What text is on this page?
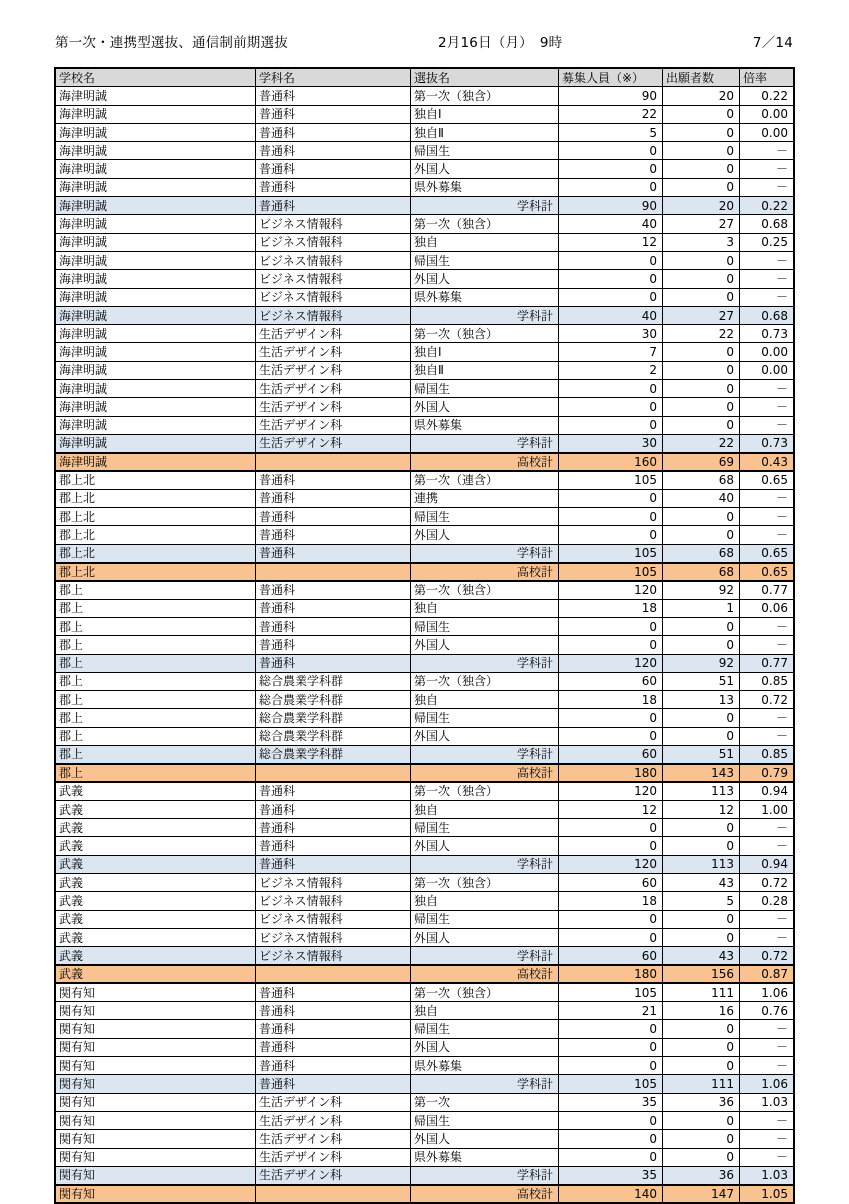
第一次・連携型選抜、通信制前期選抜	2月16日（月）　9時	7／14
学校名	学科名	選抜名	募集人員（※）	出願者数	倍率
海津明誠	普通科	第一次（独含）	90	20	0.22
海津明誠	普通科	独自Ⅰ	22	0	0.00
海津明誠	普通科	独自Ⅱ	5	0	0.00
海津明誠	普通科	帰国生	0	0	－
海津明誠	普通科	外国人	0	0	－
海津明誠	普通科	県外募集	0	0	－
海津明誠	普通科	学科計	90	20	0.22
海津明誠	ビジネス情報科	第一次（独含）	40	27	0.68
海津明誠	ビジネス情報科	独自	12	3	0.25
海津明誠	ビジネス情報科	帰国生	0	0	－
海津明誠	ビジネス情報科	外国人	0	0	－
海津明誠	ビジネス情報科	県外募集	0	0	－
海津明誠	ビジネス情報科	学科計	40	27	0.68
海津明誠	生活デザイン科	第一次（独含）	30	22	0.73
海津明誠	生活デザイン科	独自Ⅰ	7	0	0.00
海津明誠	生活デザイン科	独自Ⅱ	2	0	0.00
海津明誠	生活デザイン科	帰国生	0	0	－
海津明誠	生活デザイン科	外国人	0	0	－
海津明誠	生活デザイン科	県外募集	0	0	－
海津明誠	生活デザイン科	学科計	30	22	0.73
海津明誠		高校計	160	69	0.43
郡上北	普通科	第一次（連含）	105	68	0.65
郡上北	普通科	連携	0	40	－
郡上北	普通科	帰国生	0	0	－
郡上北	普通科	外国人	0	0	－
郡上北	普通科	学科計	105	68	0.65
郡上北		高校計	105	68	0.65
郡上	普通科	第一次（独含）	120	92	0.77
郡上	普通科	独自	18	1	0.06
郡上	普通科	帰国生	0	0	－
郡上	普通科	外国人	0	0	－
郡上	普通科	学科計	120	92	0.77
郡上	総合農業学科群	第一次（独含）	60	51	0.85
郡上	総合農業学科群	独自	18	13	0.72
郡上	総合農業学科群	帰国生	0	0	－
郡上	総合農業学科群	外国人	0	0	－
郡上	総合農業学科群	学科計	60	51	0.85
郡上		高校計	180	143	0.79
武義	普通科	第一次（独含）	120	113	0.94
武義	普通科	独自	12	12	1.00
武義	普通科	帰国生	0	0	－
武義	普通科	外国人	0	0	－
武義	普通科	学科計	120	113	0.94
武義	ビジネス情報科	第一次（独含）	60	43	0.72
武義	ビジネス情報科	独自	18	5	0.28
武義	ビジネス情報科	帰国生	0	0	－
武義	ビジネス情報科	外国人	0	0	－
武義	ビジネス情報科	学科計	60	43	0.72
武義		高校計	180	156	0.87
関有知	普通科	第一次（独含）	105	111	1.06
関有知	普通科	独自	21	16	0.76
関有知	普通科	帰国生	0	0	－
関有知	普通科	外国人	0	0	－
関有知	普通科	県外募集	0	0	－
関有知	普通科	学科計	105	111	1.06
関有知	生活デザイン科	第一次	35	36	1.03
関有知	生活デザイン科	帰国生	0	0	－
関有知	生活デザイン科	外国人	0	0	－
関有知	生活デザイン科	県外募集	0	0	－
関有知	生活デザイン科	学科計	35	36	1.03
関有知		高校計	140	147	1.05
